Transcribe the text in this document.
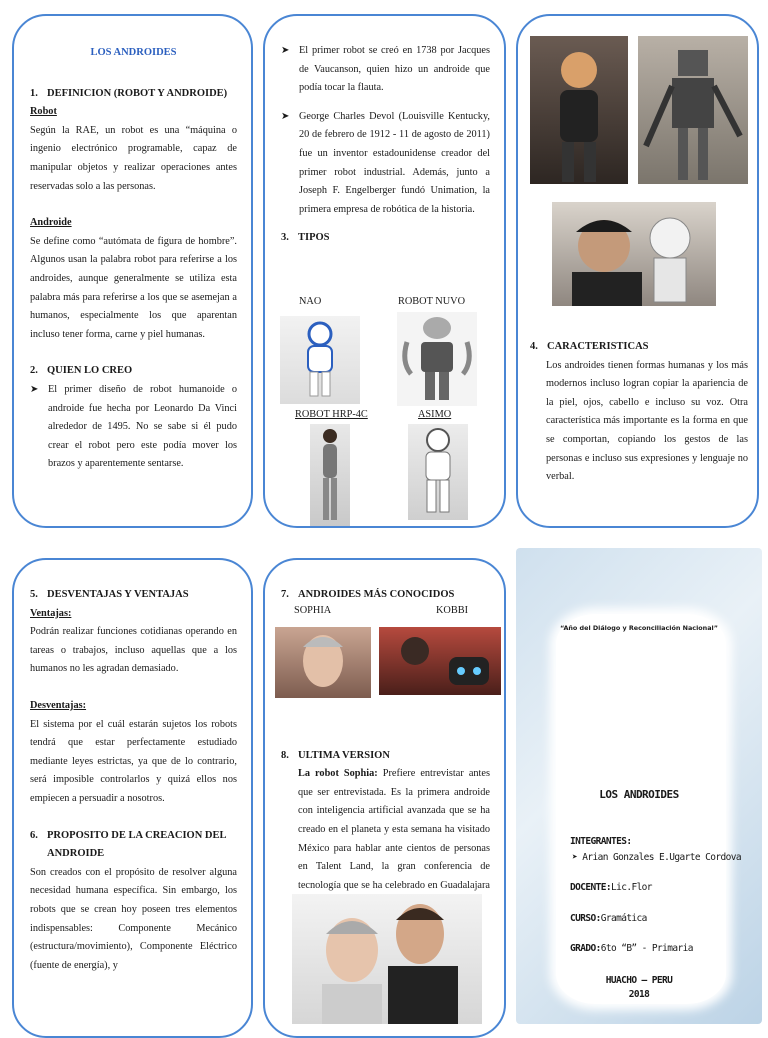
LOS ANDROIDES
1. DEFINICION (ROBOT Y ANDROIDE)
Robot

Según la RAE, un robot es una “máquina o ingenio electrónico programable, capaz de manipular objetos y realizar operaciones antes reservadas solo a las personas.

Androide

Se define como “autómata de figura de hombre”. Algunos usan la palabra robot para referirse a los androides, aunque generalmente se utiliza esta palabra más para referirse a los que se asemejan a humanos, especialmente los que aparentan incluso tener forma, carne y piel humanas.

2. QUIEN LO CREO
➤ El primer diseño de robot humanoide o androide fue hecha por Leonardo Da Vinci alrededor de 1495. No se sabe si él pudo crear el robot pero este podía mover los brazos y aparentemente sentarse.
➤ El primer robot se creó en 1738 por Jacques de Vaucanson, quien hizo un androide que podía tocar la flauta.
➤ George Charles Devol (Louisville Kentucky, 20 de febrero de 1912 - 11 de agosto de 2011) fue un inventor estadounidense creador del primer robot industrial. Además, junto a Joseph F. Engelberger fundó Unimation, la primera empresa de robótica de la historia.
3. TIPOS
NAO	ROBOT NUVO
ROBOT HRP-4C	ASIMO
4. CARACTERISTICAS

Los androides tienen formas humanas y los más modernos incluso logran copiar la apariencia de la piel, ojos, cabello e incluso su voz. Otra característica más importante es la forma en que se comportan, copiando los gestos de las personas e incluso sus expresiones y lenguaje no verbal.

5. DESVENTAJAS Y VENTAJAS
Ventajas:

Podrán realizar funciones cotidianas operando en tareas o trabajos, incluso aquellas que a los humanos no les agradan demasiado.

Desventajas:

El sistema por el cuál estarán sujetos los robots tendrá que estar perfectamente estudiado mediante leyes estrictas, ya que de lo contrario, será imposible controlarlos y quizá ellos nos empiecen a persuadir a nosotros.

6. PROPOSITO DE LA CREACION DEL ANDROIDE

Son creados con el propósito de resolver alguna necesidad humana específica. Sin embargo, los robots que se crean hoy poseen tres elementos indispensables: Componente Mecánico (estructura/movimiento), Componente Eléctrico (fuente de energía), y

7. ANDROIDES MÁS CONOCIDOS
8. ULTIMA VERSION

La robot Sophia: Prefiere entrevistar antes que ser entrevistada. Es la primera androide con inteligencia artificial avanzada que se ha creado en el planeta y esta semana ha visitado México para hablar ante cientos de personas en Talent Land, la gran conferencia de tecnología que se ha celebrado en Guadalajara

SOPHIA	KOBBI
“Año del Diálogo y Reconciliación Nacional”
LOS ANDROIDES
INTEGRANTES:
➤ Arian Gonzales E.Ugarte Cordova
DOCENTE:Lic.Flor
CURSO:Gramática
GRADO:6to “B” - Primaria
HUACHO – PERU
2018
